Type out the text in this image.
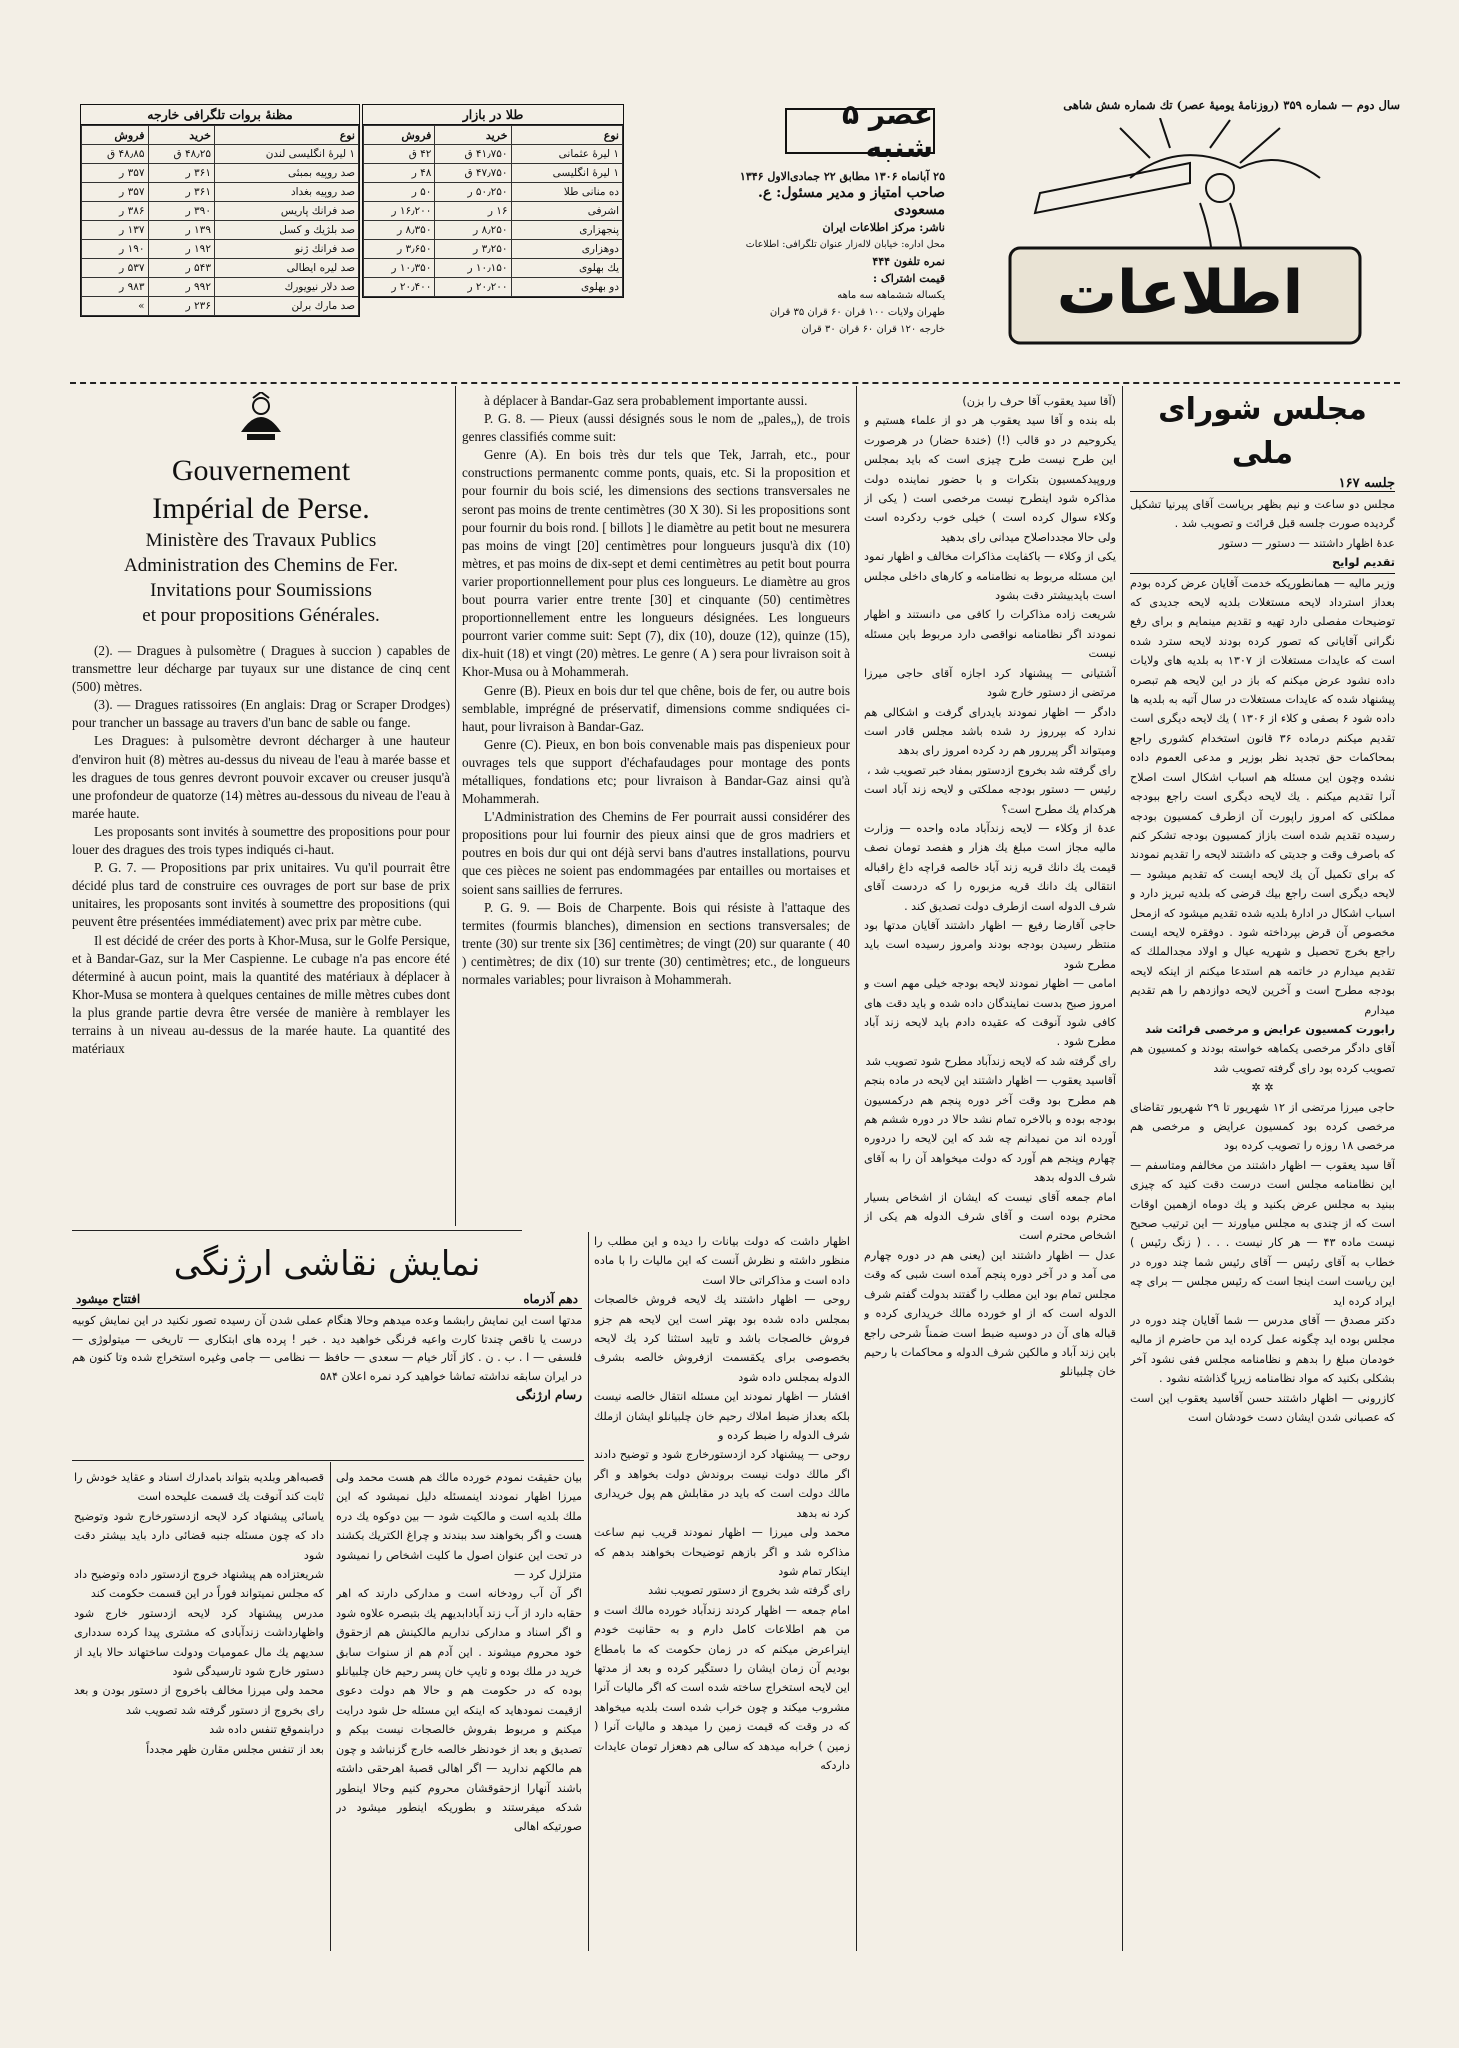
سال دوم — شماره ۳۵۹ (روزنامهٔ یومیهٔ عصر) تك شماره شش شاهی
اطلاعات
عصر ۵ شنبه
۲۵ آبانماه ۱۳۰۶ مطابق ۲۲ جمادی‌الاول ۱۳۴۶
صاحب امتیاز و مدیر مسئول: ع. مسعودی
ناشر: مرکز اطلاعات ایران
محل اداره: خیابان لاله‌زار عنوان تلگرافی: اطلاعات
نمره تلفون ۴۴۴
قیمت اشتراک :
یکساله ششماهه سه ماهه
طهران ولایات ۱۰۰ قران ۶۰ قران ۳۵ قران
خارجه ۱۲۰ قران ۶۰ قران ۳۰ قران
طلا در بازار
نوع	خرید	فروش
۱ لیرهٔ عثمانی	۴۱٫۷۵۰ ق	۴۲ ق
۱ لیرهٔ انگلیسی	۴۷٫۷۵۰ ق	۴۸ ر
ده منانی طلا	۵۰٫۲۵۰ ر	۵۰ ر
اشرفی	۱۶ ر	۱۶٫۲۰۰ ر
پنجهزاری	۸٫۲۵۰ ر	۸٫۳۵۰ ر
دوهزاری	۳٫۲۵۰ ر	۳٫۶۵۰ ر
یك بهلوی	۱۰٫۱۵۰ ر	۱۰٫۳۵۰ ر
دو بهلوی	۲۰٫۲۰۰ ر	۲۰٫۴۰۰ ر
مظنهٔ بروات تلگرافی خارجه
نوع	خرید	فروش
۱ لیرهٔ انگلیسی لندن	۴۸٫۲۵ ق	۴۸٫۸۵ ق
صد روپیه بمبئی	۳۶۱ ر	۳۵۷ ر
صد روپیه بغداد	۳۶۱ ر	۳۵۷ ر
صد فرانك پاریس	۳۹۰ ر	۳۸۶ ر
صد بلژیك و کسل	۱۳۹ ر	۱۳۷ ر
صد فرانك ژنو	۱۹۲ ر	۱۹۰ ر
صد لیره ایطالی	۵۴۳ ر	۵۳۷ ر
صد دلار نیویورك	۹۹۲ ر	۹۸۳ ر
صد مارك برلن	۲۳۶ ر	»
مجلس شورای ملی
جلسه ۱۶۷

مجلس دو ساعت و نیم بظهر بریاست آقای پیرنیا تشکیل گردیده صورت جلسه قبل قرائت و تصویب شد .

عدهٔ اظهار داشتند — دستور — دستور

تقدیم لوایح

وزیر مالیه — همانطوریکه خدمت آقایان عرض کرده بودم بعداز استرداد لایحه مستغلات بلدیه لایحه جدیدی که توضیحات مفصلی دارد تهیه و تقدیم مینمایم و برای رفع نگرانی آقایانی که تصور کرده بودند لایحه سترد شده است که عایدات مستغلات از ۱۳۰۷ به بلدیه های ولایات داده نشود عرض میکنم که باز در این لایحه هم تبصره پیشنهاد شده که عایدات مستغلات در سال آتیه به بلدیه ها داده شود ۶ بصفی و کلاء از ۱۳۰۶ ) یك لایحه دیگری است تقدیم میکنم درماده ۳۶ قانون استخدام کشوری راجع بمحاکمات حق تجدید نظر بوزیر و مدعی العموم داده نشده وچون این مسئله هم اسباب اشکال است اصلاح آنرا تقدیم میکنم . یك لایحه دیگری است راجع ببودجه مملکتی که امروز راپورت آن ازطرف کمسیون بودجه رسیده تقدیم شده است بازاز کمسیون بودجه تشکر کنم که باصرف وقت و جدیتی که داشتند لایحه را تقدیم نمودند که برای تکمیل آن یك لایحه ایست که تقدیم میشود — لایحه دیگری است راجع بیك قرضی که بلدیه تبریز دارد و اسباب اشکال در ادارهٔ بلدیه شده تقدیم میشود که ازمحل مخصوص آن قرض بپرداخته شود . دوفقره لایحه ایست راجع بخرج تحصیل و شهریه عیال و اولاد مجدالملك که تقدیم میدارم در خاتمه هم استدعا میکنم از اینکه لایحه بودجه مطرح است و آخرین لایحه دوازدهم را هم تقدیم میدارم

رابورت کمسیون عرایض و مرخصی قرائت شد

آقای دادگر مرخصی یکماهه خواسته بودند و کمسیون هم تصویب کرده بود رای گرفته تصویب شد

✲ ✲

حاجی میرزا مرتضی از ۱۲ شهریور تا ۲۹ شهریور تقاضای مرخصی کرده بود کمسیون عرایض و مرخصی هم مرخصی ۱۸ روزه را تصویب کرده بود

آقا سید یعقوب — اظهار داشتند من مخالفم ومتاسفم — این نظامنامه مجلس است درست دقت کنید که چیزی ببنید به مجلس عرض بکنید و یك دوماه ازهمین اوقات است که از چندی به مجلس میاورند — این ترتیب صحیح نیست ماده ۴۳ — هر کار نیست . . . ( زنگ رئیس ) خطاب به آقای رئیس — آقای رئیس شما چند دوره در این ریاست است اینجا است که رئیس مجلس — برای چه ایراد کرده اید

دکتر مصدق — آقای مدرس — شما آقایان چند دوره در مجلس بوده اید چگونه عمل کرده اید من حاضرم از مالیه خودمان مبلغ را بدهم و نظامنامه مجلس ففی نشود آخر بشکلی بکنید که مواد نظامنامه زیرپا گذاشته نشود .

کازرونی — اظهار داشتند حسن آقاسید یعقوب این است که عصبانی شدن ایشان دست خودشان است

(آقا سید یعقوب آقا حرف را بزن)

بله بنده و آقا سید یعقوب هر دو از علماء هستیم و یکروحیم در دو قالب (!) (خندهٔ حضار) در هرصورت این طرح نیست طرح چیزی است که باید بمجلس وروپیدکمسیون بتکرات و با حضور نماینده دولت مذاکره شود اینطرح نیست مرخصی است ( یکی از وکلاء سوال کرده است ) خیلی خوب ردکرده است ولی حالا مجدداصلاح میدانی رای بدهید

یکی از وکلاء — باکفایت مذاکرات مخالف و اظهار نمود این مسئله مربوط به نظامنامه و کارهای داخلی مجلس است بایدبیشتر دقت بشود

شریعت زاده مذاکرات را کافی می دانستند و اظهار نمودند اگر نظامنامه نواقصی دارد مربوط باین مسئله نیست

آشتیانی — پیشنهاد کرد اجازه آقای حاجی میرزا مرتضی از دستور خارج شود

دادگر — اظهار نمودند بایدرای گرفت و اشکالی هم ندارد که بپرروز رد شده باشد مجلس قادر است ومیتواند اگر پیررور هم رد کرده امروز رای بدهد

رای گرفته شد بخروج ازدستور بمفاد خبر تصویب شد ،

رئیس — دستور بودجه مملکتی و لایحه زند آباد است هرکدام یك مطرح است؟

عدهٔ از وکلاء — لایحه زندآباد ماده واحده — وزارت مالیه مجاز است مبلغ یك هزار و هفصد تومان نصف قیمت یك دانك قریه زند آباد خالصه قراچه داغ راقباله انتقالی یك دانك قریه مزبوره را که دردست آقای شرف الدوله است ازطرف دولت تصدیق کند .

حاجی آقارضا رفیع — اظهار داشتند آقایان مدتها بود منتظر رسیدن بودجه بودند وامروز رسیده است باید مطرح شود

امامی — اظهار نمودند لایحه بودجه خیلی مهم است و امروز صبح بدست نمایندگان داده شده و باید دقت های کافی شود آنوقت که عقیده دادم باید لایحه زند آباد مطرح شود .

رای گرفته شد که لایحه زندآباد مطرح شود تصویب شد

آقاسید یعقوب — اظهار داشتند این لایحه در ماده بنجم هم مطرح بود وقت آخر دوره پنجم هم درکمسیون بودجه بوده و بالاخره تمام نشد حالا در دوره ششم هم آورده اند من نمیدانم چه شد که این لایحه را دردوره چهارم وپنجم هم آورد که دولت میخواهد آن را به آقای شرف الدوله بدهد

امام جمعه آقای نیست که ایشان از اشخاص بسیار محترم بوده است و آقای شرف الدوله هم یکی از اشخاص محترم است

عدل — اظهار داشتند این (یعنی هم در دوره چهارم می آمد و در آخر دوره پنجم آمده است شبی که وقت مجلس تمام بود این مطلب را گفتند بدولت گفتم شرف الدوله است که از او خورده مالك خریداری کرده و قباله های آن در دوسیه ضبط است ضمناً شرحی راجع باین زند آباد و مالکین شرف الدوله و محاکمات با رحیم خان چلبیانلو

Gouvernement
Impérial de Perse.
Ministère des Travaux Publics
Administration des Chemins de Fer.
Invitations pour Soumissions
et pour propositions Générales.

(2). — Dragues à pulsomètre ( Dragues à succion ) capables de transmettre leur décharge par tuyaux sur une distance de cinq cent (500) mètres.

(3). — Dragues ratissoires (En anglais: Drag or Scraper Drodges) pour trancher un bassage au travers d'un banc de sable ou fange.

Les Dragues: à pulsomètre devront décharger à une hauteur d'environ huit (8) mètres au-dessus du niveau de l'eau à marée basse et les dragues de tous genres devront pouvoir excaver ou creuser jusqu'à une profondeur de quatorze (14) mètres au-dessous du niveau de l'eau à marée haute.

Les proposants sont invités à soumettre des propositions pour pour louer des dragues des trois types indiqués ci-haut.

P. G. 7. — Propositions par prix unitaires. Vu qu'il pourrait être décidé plus tard de construire ces ouvrages de port sur base de prix unitaires, les proposants sont invités à soumettre des propositions (qui peuvent être présentées immédiatement) avec prix par mètre cube.

Il est décidé de créer des ports à Khor-Musa, sur le Golfe Persique, et à Bandar-Gaz, sur la Mer Caspienne. Le cubage n'a pas encore été déterminé à aucun point, mais la quantité des matériaux à déplacer à Khor-Musa se montera à quelques centaines de mille mètres cubes dont la plus grande partie devra être versée de manière à remblayer les terrains à un niveau au-dessus de la marée haute. La quantité des matériaux

à déplacer à Bandar-Gaz sera probablement importante aussi.

P. G. 8. — Pieux (aussi désignés sous le nom de „pales„), de trois genres classifiés comme suit:

Genre (A). En bois très dur tels que Tek, Jarrah, etc., pour constructions permanentc comme ponts, quais, etc. Si la proposition et pour fournir du bois scié, les dimensions des sections transversales ne seront pas moins de trente centimètres (30 X 30). Si les propositions sont pour fournir du bois rond. [ billots ] le diamètre au petit bout ne mesurera pas moins de vingt [20] centimètres pour longueurs jusqu'à dix (10) mètres, et pas moins de dix-sept et demi centimètres au petit bout pourra varier proportionnellement pour plus ces longueurs. Le diamètre au gros bout pourra varier entre trente [30] et cinquante (50) centimètres proportionnellement entre les longueurs désignées. Les longueurs pourront varier comme suit: Sept (7), dix (10), douze (12), quinze (15), dix-huit (18) et vingt (20) mètres. Le genre ( A ) sera pour livraison soit à Khor-Musa ou à Mohammerah.

Genre (B). Pieux en bois dur tel que chêne, bois de fer, ou autre bois semblable, imprégné de préservatif, dimensions comme sndiquées ci-haut, pour livraison à Bandar-Gaz.

Genre (C). Pieux, en bon bois convenable mais pas dispenieux pour ouvrages tels que support d'échafaudages pour montage des ponts métalliques, fondations etc; pour livraison à Bandar-Gaz ainsi qu'à Mohammerah.

L'Administration des Chemins de Fer pourrait aussi considérer des propositions pour lui fournir des pieux ainsi que de gros madriers et poutres en bois dur qui ont déjà servi bans d'autres installations, pourvu que ces pièces ne soient pas endommagées par entailles ou mortaises et soient sans saillies de ferrures.

P. G. 9. — Bois de Charpente. Bois qui résiste à l'attaque des termites (fourmis blanches), dimension en sections transversales; de trente (30) sur trente six [36] centimètres; de vingt (20) sur quarante ( 40 ) centimètres; de dix (10) sur trente (30) centimètres; etc., de longueurs normales variables; pour livraison à Mohammerah.

اظهار داشت که دولت بیانات را دیده و این مطلب را منظور داشته و نظرش آنست که این مالیات را با ماده داده است و مذاکراتی حالا است

روحی — اظهار داشتند یك لایحه فروش خالصجات بمجلس داده شده بود بهتر است این لایحه هم جزو فروش خالصجات باشد و تایید استثنا کرد یك لایحه بخصوصی برای یکقسمت ازفروش خالصه بشرف الدوله بمجلس داده شود

افشار — اظهار نمودند این مسئله انتقال خالصه نیست بلکه بعداز ضبط املاك رحیم خان چلبیانلو ایشان ازملك شرف الدوله را ضبط کرده و

روحی — پیشنهاد کرد ازدستورخارج شود و توضیح دادند اگر مالك دولت نیست بروندش دولت بخواهد و اگر مالك دولت است که باید در مقابلش هم پول خریداری کرد نه بدهد

محمد ولی میرزا — اظهار نمودند قریب نیم ساعت مذاکره شد و اگر بازهم توضیحات بخواهند بدهم که اینکار تمام شود

رای گرفته شد بخروج از دستور تصویب نشد

امام جمعه — اظهار کردند زندآباد خورده مالك است و من هم اطلاعات کامل دارم و به حقانیت خودم اینراعرض میکنم که در زمان حکومت که ما بامطاع بودیم آن زمان ایشان را دستگیر کرده و بعد از مدتها این لایحه استخراج ساخته شده است که اگر مالیات آنرا مشروب میکند و چون خراب شده است بلدیه میخواهد که در وقت که قیمت زمین را میدهد و مالیات آنرا ( زمین ) خرابه میدهد که سالی هم دهعزار تومان عایدات داردکه

نمایش نقاشی ارژنگی
دهم آذرماه
افتتاح میشود
مدتها است این نمایش رابشما وعده میدهم وحالا هنگام عملی شدن آن رسیده تصور نکنید در این نمایش کوبیه درست یا ناقص چندتا کارت واعیه فرنگی خواهید دید . خیر ! پرده های ابتکاری — تاریخی — میتولوژی — فلسفی — ا . ب . ن . کاز آثار خیام — سعدی — حافظ — نظامی — جامی وغیره استخراج شده وتا کنون هم در ایران سابقه نداشته تماشا خواهید کرد نمره اعلان ۵۸۴
رسام ارژنگی

بیان حقیقت نمودم خورده مالك هم هست محمد ولی میرزا اظهار نمودند اینمسئله دلیل نمیشود که این ملك بلدیه است و مالکیت شود — بین دوکوه یك دره هست و اگر بخواهند سد ببندند و چراغ الکتریك بکشند در تحت این عنوان اصول ما کلیت اشخاص را نمیشود متزلزل کرد —

اگر آن آب رودخانه است و مدارکی دارند که اهر حقابه دارد از آب زند آبادابدیهم یك بتبصره علاوه شود و اگر اسناد و مدارکی نداریم مالکینش هم ازحقوق خود محروم میشوند . این آدم هم از سنوات سابق خرید در ملك بوده و تایپ خان پسر رحیم خان چلبیانلو بوده که در حکومت هم و حالا هم دولت دعوی ازقیمت نمودهاید که اینکه این مسئله حل شود درایت میکنم و مربوط بفروش خالصجات نیست بیکم و تصدیق و بعد از خودنظر خالصه خارج گزنباشد و چون هم مالکهم ندارید — اگر اهالی قصبهٔ اهرحقی داشته باشند آنهارا ازحقوقشان محروم کنیم وحالا اینطور شدکه میفرستند و بطوریکه اینطور میشود در صورتیکه اهالی

قصبه‌اهر وبلدیه بتواند بامدارك اسناد و عقاید خودش را ثابت کند آنوقت یك قسمت علیحده است

یاسائی پیشنهاد کرد لایحه ازدستورخارج شود وتوضیح داد که چون مسئله جنبه قضائی دارد باید بیشتر دقت شود

شریعتزاده هم پیشنهاد خروج ازدستور داده وتوضیح داد که مجلس نمیتواند فوراً در این قسمت حکومت کند

مدرس پیشنهاد کرد لایحه ازدستور خارج شود واظهارداشت زندآبادی که مشتری پیدا کرده سدداری سدیهم یك مال عمومیات ودولت ساختهاند حالا باید از دستور خارج شود تارسیدگی شود

محمد ولی میرزا مخالف باخروج از دستور بودن و بعد رای بخروج از دستور گرفته شد تصویب شد

درابنموقع تنفس داده شد

بعد از تنفس مجلس مقارن ظهر مجدداً
